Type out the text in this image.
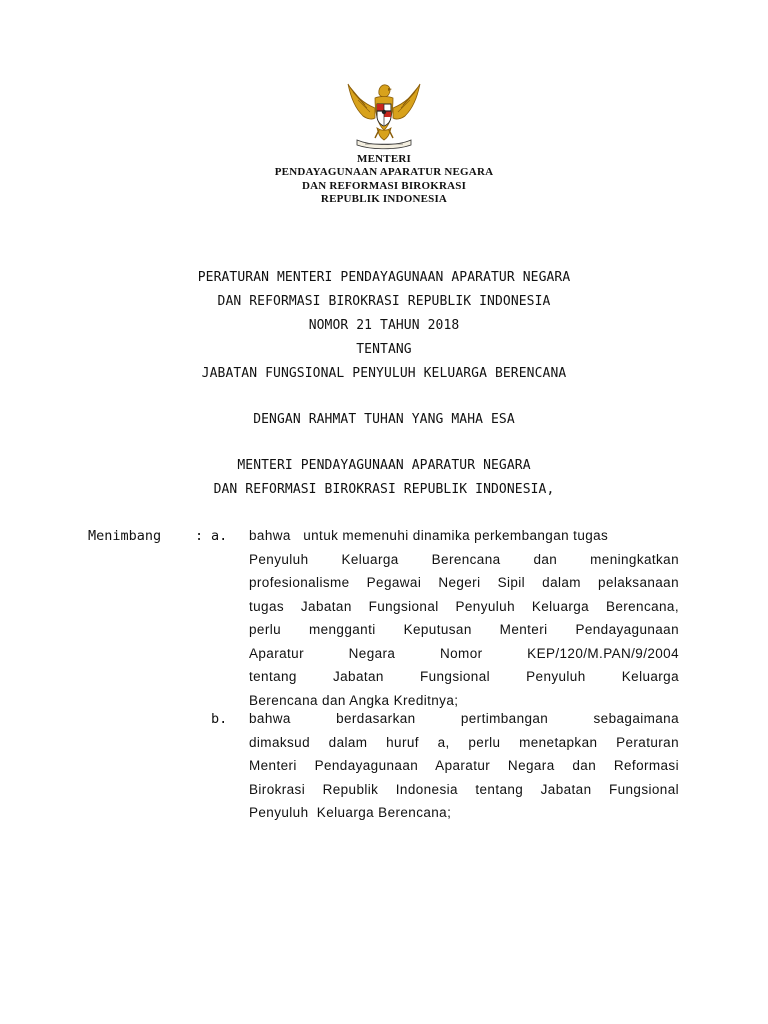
MENTERI
PENDAYAGUNAAN APARATUR NEGARA
DAN REFORMASI BIROKRASI
REPUBLIK INDONESIA
PERATURAN MENTERI PENDAYAGUNAAN APARATUR NEGARA
DAN REFORMASI BIROKRASI REPUBLIK INDONESIA
NOMOR 21 TAHUN 2018
TENTANG
JABATAN FUNGSIONAL PENYULUH KELUARGA BERENCANA
DENGAN RAHMAT TUHAN YANG MAHA ESA
MENTERI PENDAYAGUNAAN APARATUR NEGARA
DAN REFORMASI BIROKRASI REPUBLIK INDONESIA,
Menimbang	: a. bahwa   untuk memenuhi dinamika perkembangan tugas
Penyuluh Keluarga Berencana dan meningkatkan
profesionalisme Pegawai Negeri Sipil dalam pelaksanaan
tugas Jabatan Fungsional Penyuluh Keluarga Berencana,
perlu mengganti Keputusan Menteri Pendayagunaan
Aparatur Negara Nomor KEP/120/M.PAN/9/2004
tentang Jabatan Fungsional Penyuluh Keluarga
Berencana dan Angka Kreditnya;
b. bahwa berdasarkan pertimbangan sebagaimana
dimaksud dalam huruf a, perlu menetapkan Peraturan
Menteri Pendayagunaan Aparatur Negara dan Reformasi
Birokrasi Republik Indonesia tentang Jabatan Fungsional
Penyuluh  Keluarga Berencana;
